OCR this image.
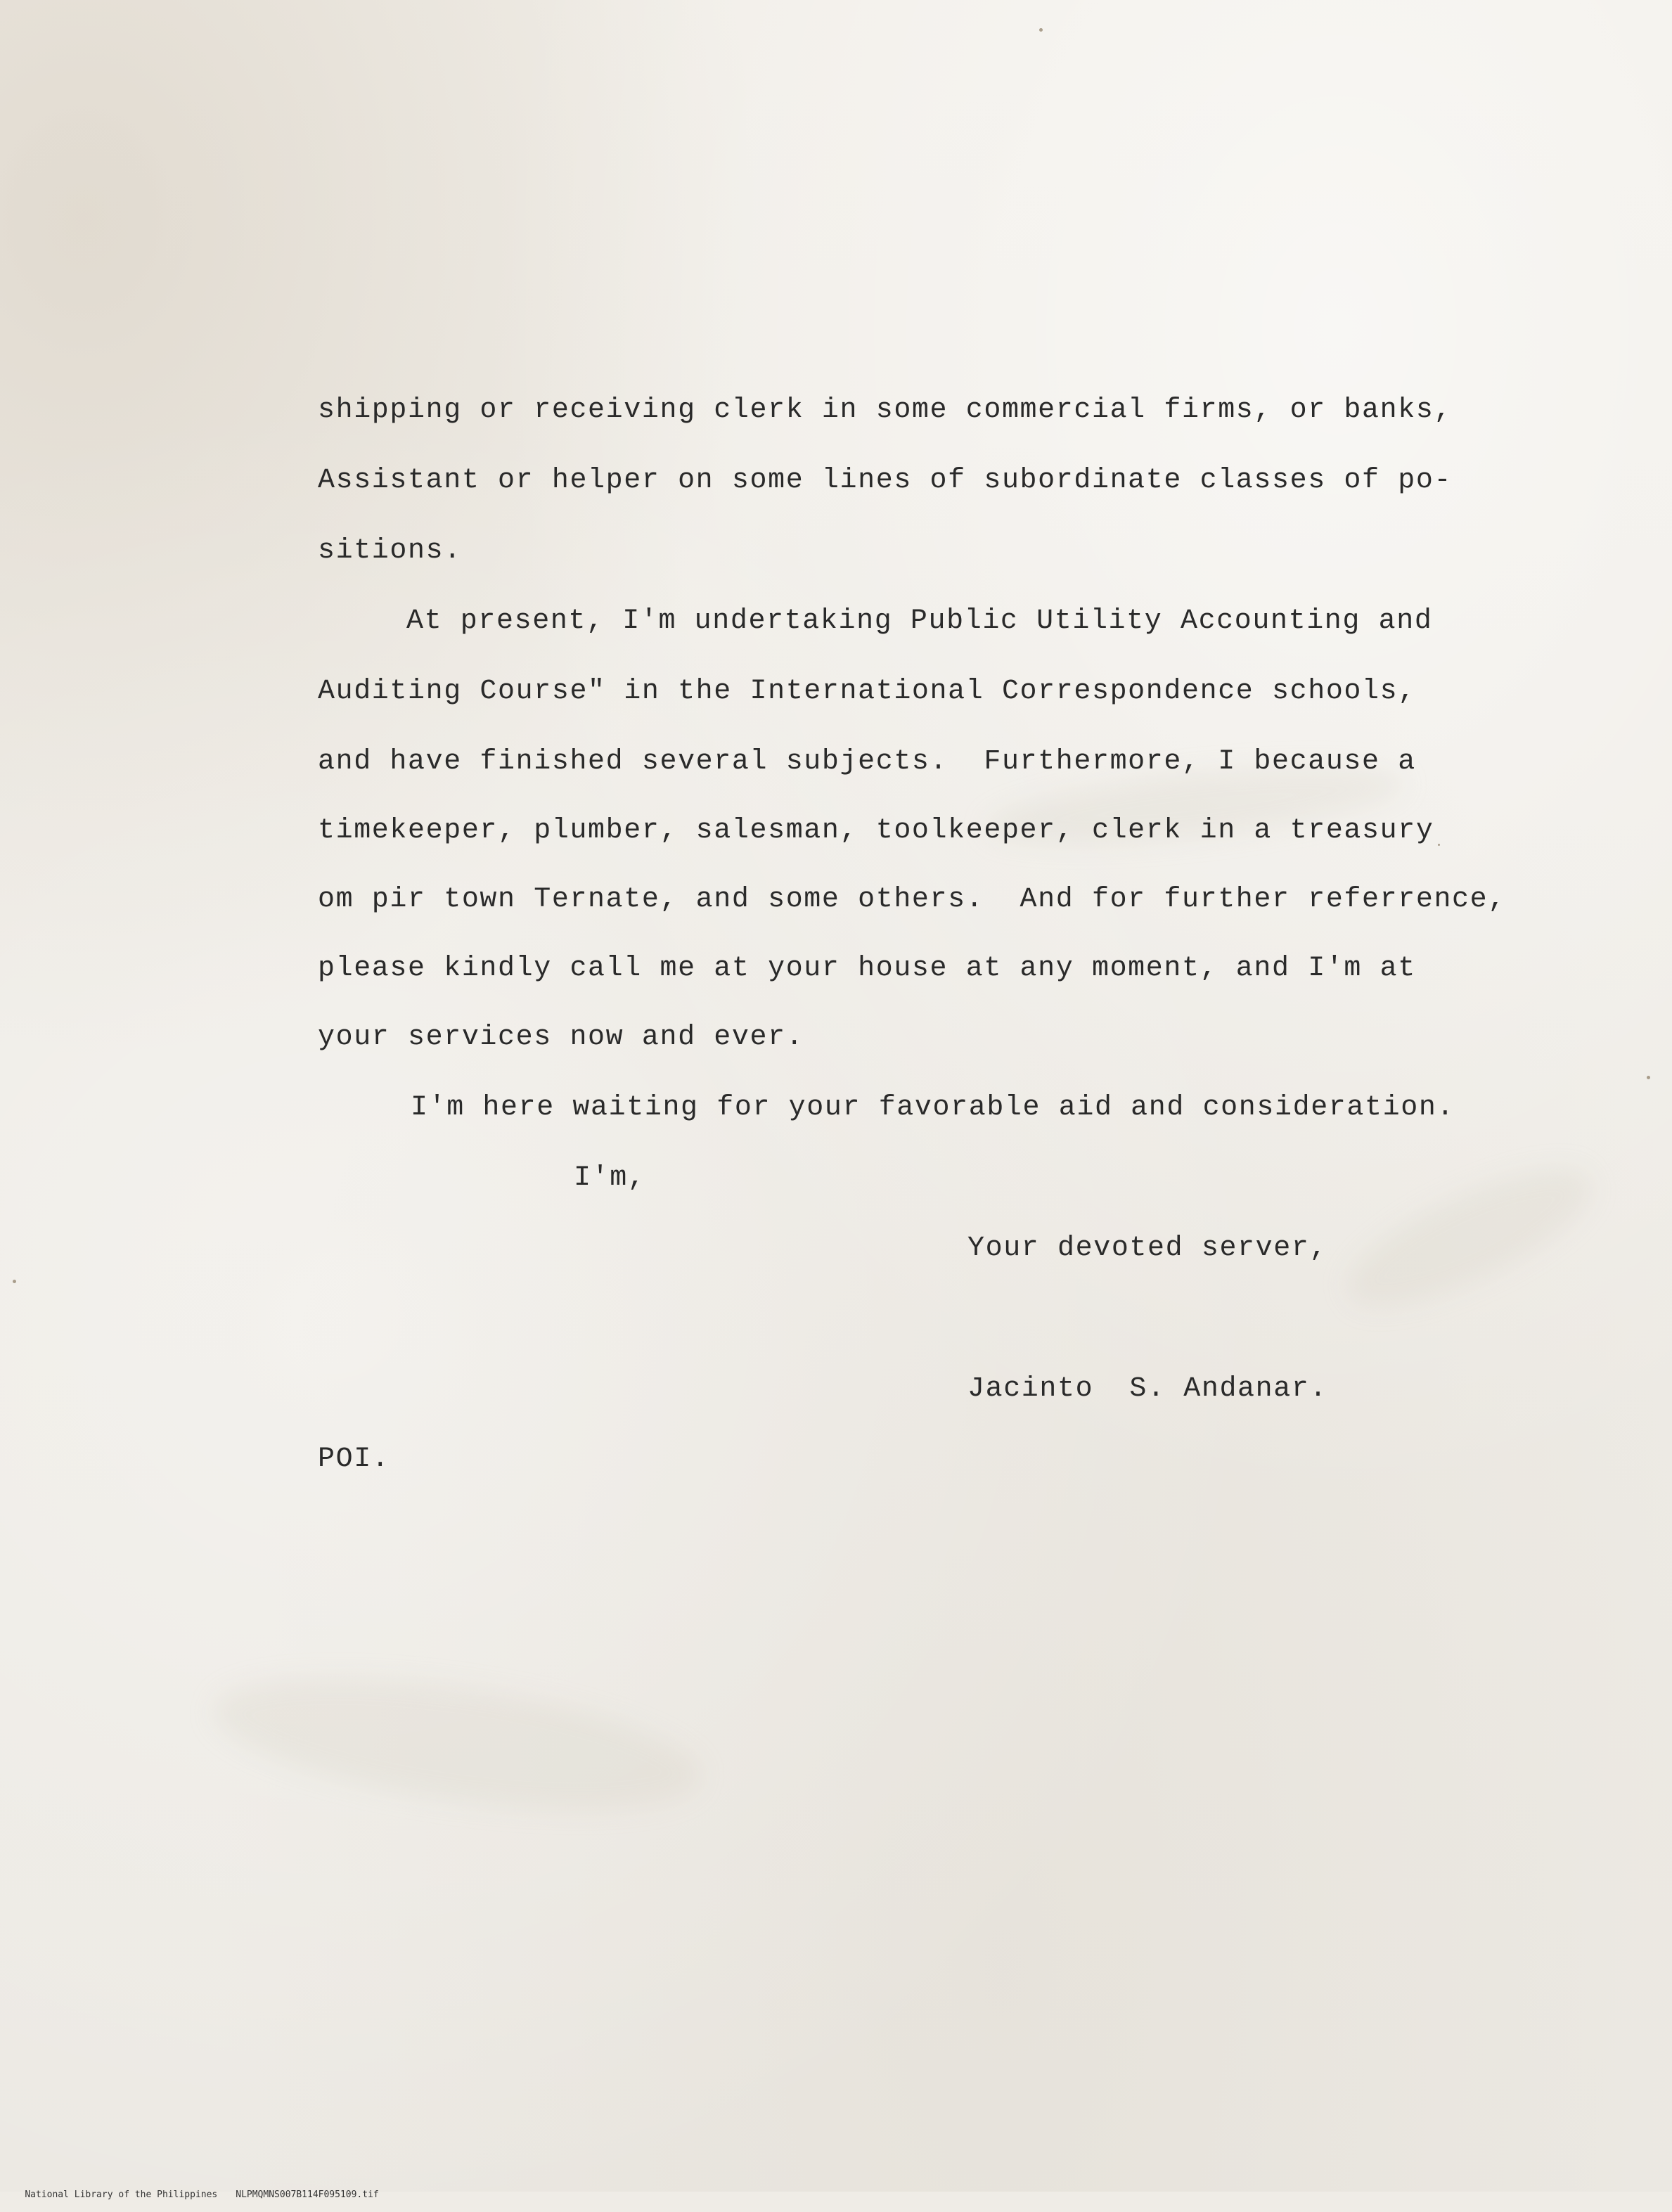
shipping or receiving clerk in some commercial firms, or banks,

Assistant or helper on some lines of subordinate classes of po-

sitions.

At present, I'm undertaking Public Utility Accounting and

Auditing Course" in the International Correspondence schools,

and have finished several subjects.  Furthermore, I because a

timekeeper, plumber, salesman, toolkeeper, clerk in a treasury

om pir town Ternate, and some others.  And for further referrence,

please kindly call me at your house at any moment, and I'm at

your services now and ever.

I'm here waiting for your favorable aid and consideration.

I'm,

Your devoted server,

Jacinto  S. Andanar.

POI.

National Library of the Philippines NLPMQMNS007B114F095109.tif
